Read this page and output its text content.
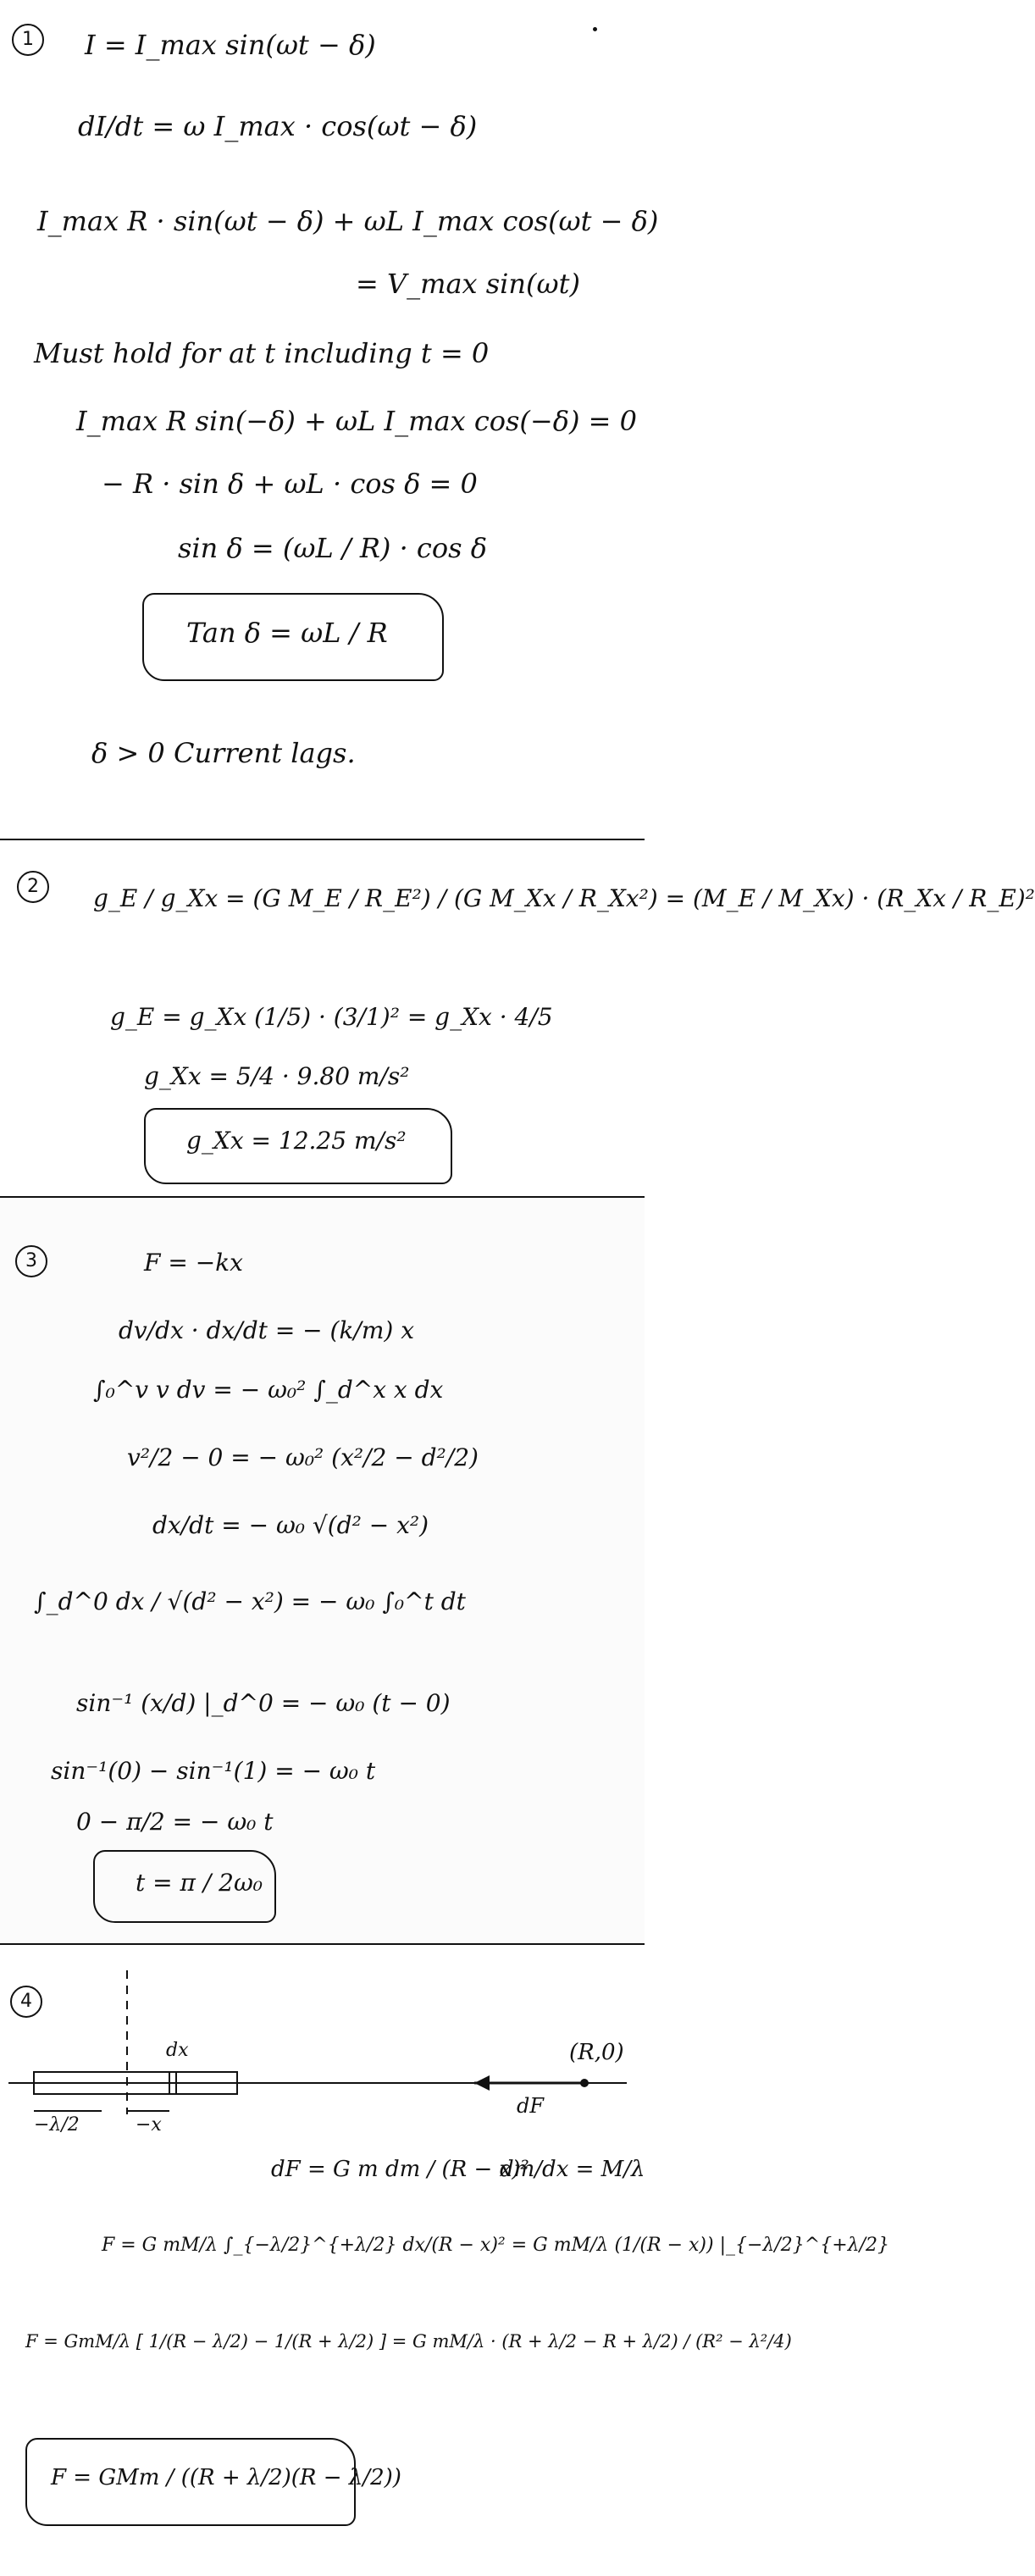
1	I = I_max sin(ωt − δ)
dI/dt = ω I_max · cos(ωt − δ)
I_max R · sin(ωt − δ) + ωL I_max cos(ωt − δ)
= V_max sin(ωt)
Must hold for at t including t = 0
I_max R sin(−δ) + ωL I_max cos(−δ) = 0
− R · sin δ + ωL · cos δ = 0
sin δ = (ωL / R) · cos δ
Tan δ = ωL / R
δ > 0 Current lags.
2	g_E / g_Xx = (G M_E / R_E²) / (G M_Xx / R_Xx²) = (M_E / M_Xx) · (R_Xx / R_E)²
g_E = g_Xx (1/5) · (3/1)² = g_Xx · 4/5
g_Xx = 5/4 · 9.80 m/s²
g_Xx = 12.25 m/s²
3	F = −kx
dv/dx · dx/dt = − (k/m) x
∫₀^v v dv = − ω₀² ∫_d^x x dx
v²/2 − 0 = − ω₀² (x²/2 − d²/2)
dx/dt = − ω₀ √(d² − x²)
∫_d^0 dx / √(d² − x²) = − ω₀ ∫₀^t dt
sin⁻¹ (x/d) |_d^0 = − ω₀ (t − 0)
sin⁻¹(0) − sin⁻¹(1) = − ω₀ t
0 − π/2 = − ω₀ t
t = π / 2ω₀
4
dx	(R,0)
dF
−λ/2	−x
dF = G m dm / (R − x)²
dm/dx = M/λ
F = G mM/λ ∫_{−λ/2}^{+λ/2} dx/(R − x)² = G mM/λ (1/(R − x)) |_{−λ/2}^{+λ/2}
F = GmM/λ [ 1/(R − λ/2) − 1/(R + λ/2) ] = G mM/λ · (R + λ/2 − R + λ/2) / (R² − λ²/4)
F = GMm / ((R + λ/2)(R − λ/2))
